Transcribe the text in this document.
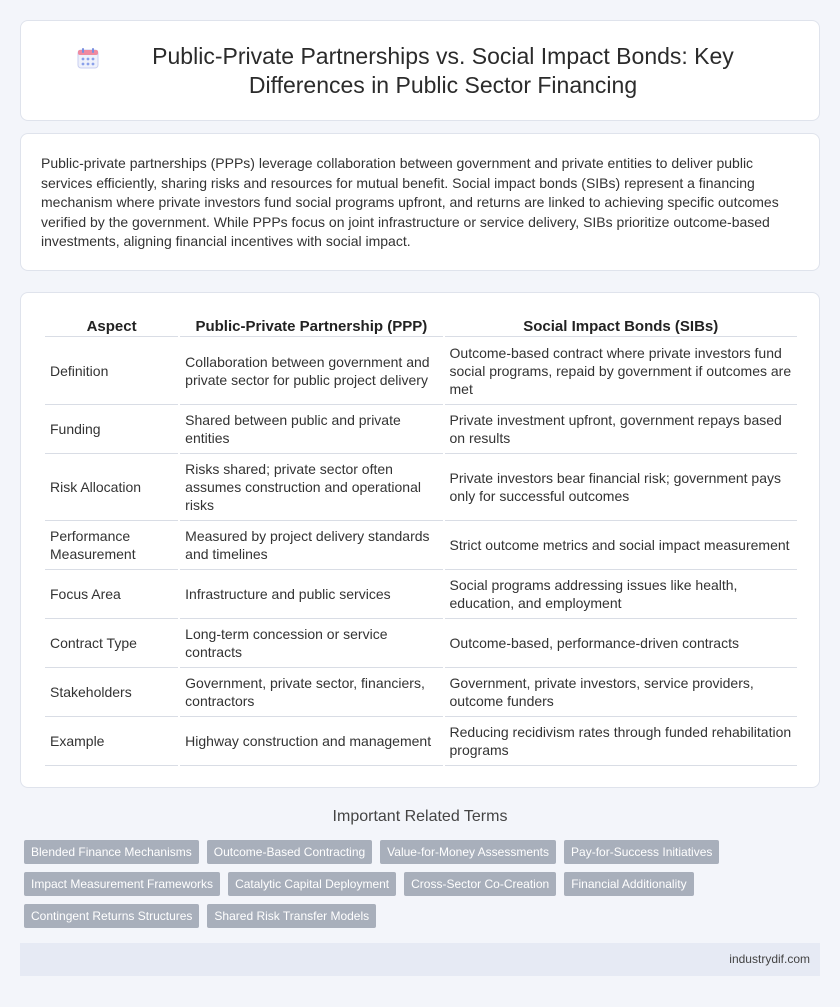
Public-Private Partnerships vs. Social Impact Bonds: Key Differences in Public Sector Financing

Public-private partnerships (PPPs) leverage collaboration between government and private entities to deliver public services efficiently, sharing risks and resources for mutual benefit. Social impact bonds (SIBs) represent a financing mechanism where private investors fund social programs upfront, and returns are linked to achieving specific outcomes verified by the government. While PPPs focus on joint infrastructure or service delivery, SIBs prioritize outcome-based investments, aligning financial incentives with social impact.

Aspect	Public-Private Partnership (PPP)	Social Impact Bonds (SIBs)
Definition	Collaboration between government and private sector for public project delivery	Outcome-based contract where private investors fund social programs, repaid by government if outcomes are met
Funding	Shared between public and private entities	Private investment upfront, government repays based on results
Risk Allocation	Risks shared; private sector often assumes construction and operational risks	Private investors bear financial risk; government pays only for successful outcomes
Performance Measurement	Measured by project delivery standards and timelines	Strict outcome metrics and social impact measurement
Focus Area	Infrastructure and public services	Social programs addressing issues like health, education, and employment
Contract Type	Long-term concession or service contracts	Outcome-based, performance-driven contracts
Stakeholders	Government, private sector, financiers, contractors	Government, private investors, service providers, outcome funders
Example	Highway construction and management	Reducing recidivism rates through funded rehabilitation programs
Important Related Terms
Blended Finance Mechanisms	Outcome-Based Contracting	Value-for-Money Assessments	Pay-for-Success Initiatives
Impact Measurement Frameworks	Catalytic Capital Deployment	Cross-Sector Co-Creation	Financial Additionality
Contingent Returns Structures	Shared Risk Transfer Models
industrydif.com
